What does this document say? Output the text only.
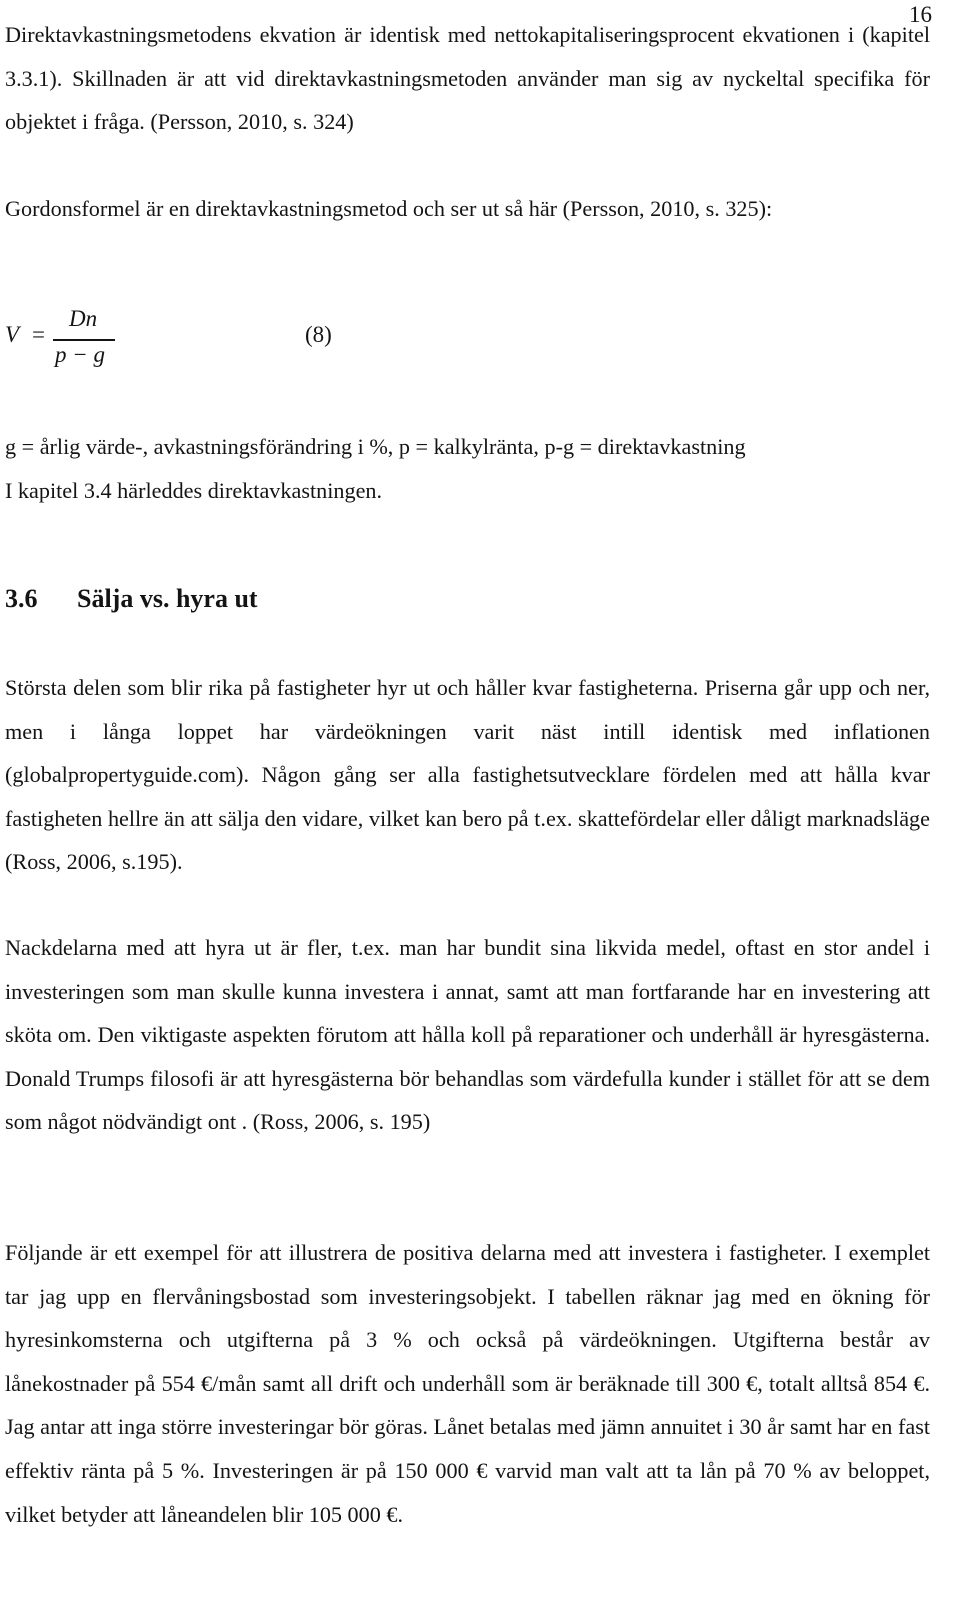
16

Direktavkastningsmetodens ekvation är identisk med nettokapitaliseringsprocent ekvationen i (kapitel 3.3.1). Skillnaden är att vid direktavkastningsmetoden använder man sig av nyckeltal specifika för objektet i fråga. (Persson, 2010, s. 324)

Gordonsformel är en direktavkastningsmetod och ser ut så här (Persson, 2010, s. 325):

V =
Dn
p − g
(8)

g = årlig värde-, avkastningsförändring i %, p = kalkylränta, p-g = direktavkastning
I kapitel 3.4 härleddes direktavkastningen.

3.6 Sälja vs. hyra ut

Största delen som blir rika på fastigheter hyr ut och håller kvar fastigheterna. Priserna går upp och ner, men i långa loppet har värdeökningen varit näst intill identisk med inflationen (globalpropertyguide.com). Någon gång ser alla fastighetsutvecklare fördelen med att hålla kvar fastigheten hellre än att sälja den vidare, vilket kan bero på t.ex. skattefördelar eller dåligt marknadsläge (Ross, 2006, s.195).

Nackdelarna med att hyra ut är fler, t.ex. man har bundit sina likvida medel, oftast en stor andel i investeringen som man skulle kunna investera i annat, samt att man fortfarande har en investering att sköta om. Den viktigaste aspekten förutom att hålla koll på reparationer och underhåll är hyresgästerna. Donald Trumps filosofi är att hyresgästerna bör behandlas som värdefulla kunder i stället för att se dem som något nödvändigt ont . (Ross, 2006, s. 195)

Följande är ett exempel för att illustrera de positiva delarna med att investera i fastigheter. I exemplet tar jag upp en flervåningsbostad som investeringsobjekt. I tabellen räknar jag med en ökning för hyresinkomsterna och utgifterna på 3 % och också på värdeökningen. Utgifterna består av lånekostnader på 554 €/mån samt all drift och underhåll som är beräknade till 300 €, totalt alltså 854 €. Jag antar att inga större investeringar bör göras. Lånet betalas med jämn annuitet i 30 år samt har en fast effektiv ränta på 5 %. Investeringen är på 150 000 € varvid man valt att ta lån på 70 % av beloppet, vilket betyder att låneandelen blir 105 000 €.
